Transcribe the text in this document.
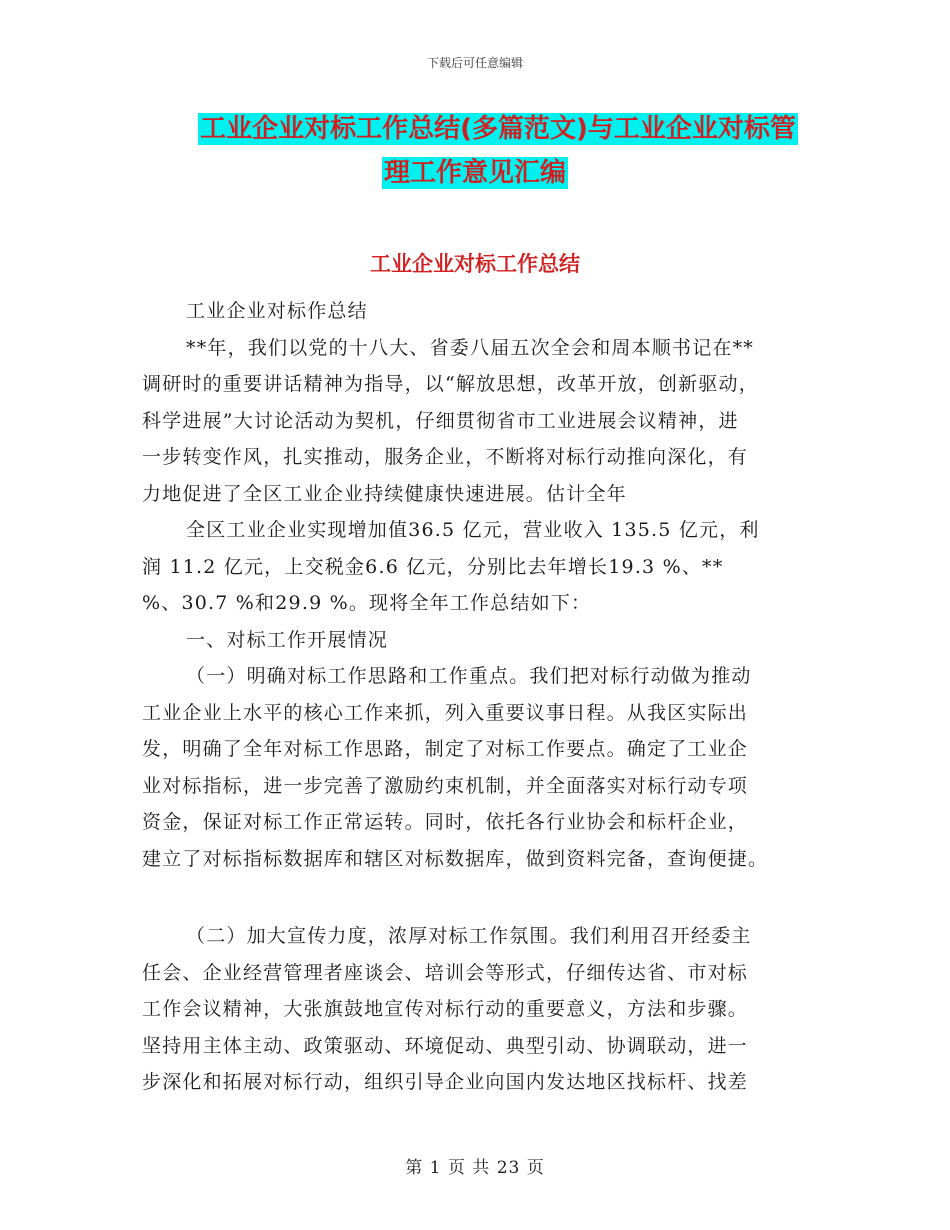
下载后可任意编辑
工业企业对标工作总结(多篇范文)与工业企业对标管
理工作意见汇编
工业企业对标工作总结
工业企业对标作总结
**年，我们以党的十八大、省委八届五次全会和周本顺书记在**
调研时的重要讲话精神为指导，以“解放思想，改革开放，创新驱动，
科学进展”大讨论活动为契机，仔细贯彻省市工业进展会议精神，进
一步转变作风，扎实推动，服务企业，不断将对标行动推向深化，有
力地促进了全区工业企业持续健康快速进展。估计全年
全区工业企业实现增加值36.5 亿元，营业收入 135.5 亿元，利
润 11.2 亿元，上交税金6.6 亿元，分别比去年增长19.3 %、**
%、30.7 %和29.9 %。现将全年工作总结如下：
一、对标工作开展情况
（一）明确对标工作思路和工作重点。我们把对标行动做为推动
工业企业上水平的核心工作来抓，列入重要议事日程。从我区实际出
发，明确了全年对标工作思路，制定了对标工作要点。确定了工业企
业对标指标，进一步完善了激励约束机制，并全面落实对标行动专项
资金，保证对标工作正常运转。同时，依托各行业协会和标杆企业，
建立了对标指标数据库和辖区对标数据库，做到资料完备，查询便捷。
（二）加大宣传力度，浓厚对标工作氛围。我们利用召开经委主
任会、企业经营管理者座谈会、培训会等形式，仔细传达省、市对标
工作会议精神，大张旗鼓地宣传对标行动的重要意义，方法和步骤。
坚持用主体主动、政策驱动、环境促动、典型引动、协调联动，进一
步深化和拓展对标行动，组织引导企业向国内发达地区找标杆、找差
第 1 页 共 23 页
